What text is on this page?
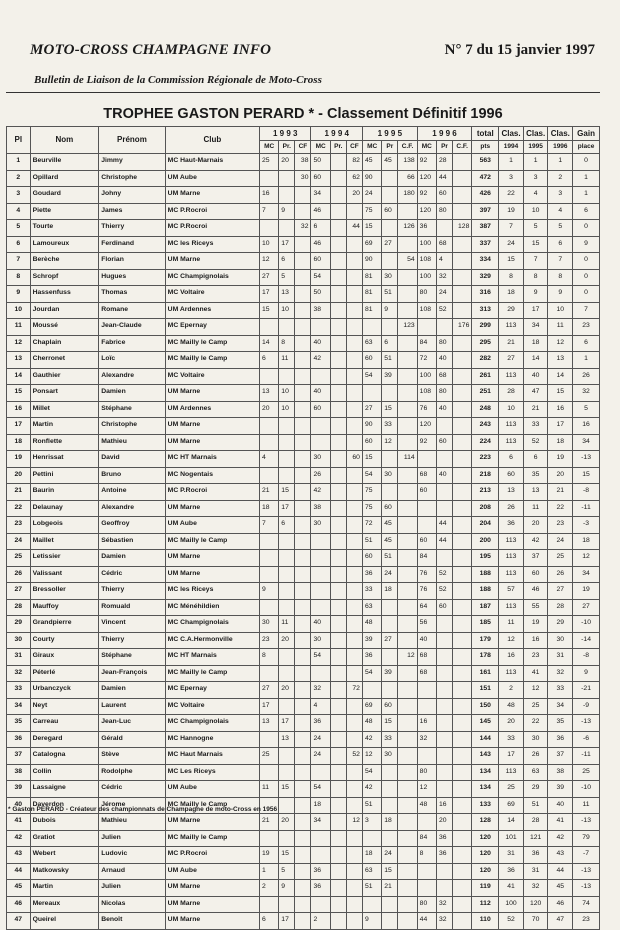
MOTO-CROSS CHAMPAGNE INFO	N° 7 du 15 janvier 1997
Bulletin de Liaison de la Commission Régionale de Moto-Cross
TROPHEE GASTON PERARD * - Classement Définitif 1996
Pl	Nom	Prénom	Club	1 9 9 3			1 9 9 4			1 9 9 5			1 9 9 6			total	Clas.	Clas.	Clas.	Gain
				MC	Pr.	CF	MC	Pr.	CF	MC	Pr	C.F.	MC	Pr	C.F.	pts	1994	1995	1996	place
1	Beurville	Jimmy	MC Haut-Marnais	25	20	38	50		82	45	45	138	92	28		563	1	1	1	0
2	Opillard	Christophe	UM Aube			30	60		62	90		66	120	44		472	3	3	2	1
3	Goudard	Johny	UM Marne	16			34		20	24		180	92	60		426	22	4	3	1
4	Piette	James	MC P.Rocroi	7	9		46			75	60		120	80		397	19	10	4	6
5	Tourte	Thierry	MC P.Rocroi			32	6		44	15		126	36		128	387	7	5	5	0
6	Lamoureux	Ferdinand	MC les Riceys	10	17		46			69	27		100	68		337	24	15	6	9
7	Berèche	Florian	UM Marne	12	6		60			90		54	108	4		334	15	7	7	0
8	Schropf	Hugues	MC Champignolais	27	5		54			81	30		100	32		329	8	8	8	0
9	Hassenfuss	Thomas	MC Voltaire	17	13		50			81	51		80	24		316	18	9	9	0
10	Jourdan	Romane	UM Ardennes	15	10		38			81	9		108	52		313	29	17	10	7
11	Moussé	Jean-Claude	MC Epernay									123			176	299	113	34	11	23
12	Chaplain	Fabrice	MC Mailly le Camp	14	8		40			63	6		84	80		295	21	18	12	6
13	Cherronet	Loïc	MC Mailly le Camp	6	11		42			60	51		72	40		282	27	14	13	1
14	Gauthier	Alexandre	MC Voltaire							54	39		100	68		261	113	40	14	26
15	Ponsart	Damien	UM Marne	13	10		40						108	80		251	28	47	15	32
16	Millet	Stéphane	UM Ardennes	20	10		60			27	15		76	40		248	10	21	16	5
17	Martin	Christophe	UM Marne							90	33		120			243	113	33	17	16
18	Ronflette	Mathieu	UM Marne							60	12		92	60		224	113	52	18	34
19	Henrissat	David	MC HT Marnais	4			30		60	15		114				223	6	6	19	-13
20	Pettini	Bruno	MC Nogentais				26			54	30		68	40		218	60	35	20	15
21	Baurin	Antoine	MC P.Rocroi	21	15		42			75			60			213	13	13	21	-8
22	Delaunay	Alexandre	UM Marne	18	17		38			75	60					208	26	11	22	-11
23	Lobgeois	Geoffroy	UM Aube	7	6		30			72	45			44		204	36	20	23	-3
24	Maillet	Sébastien	MC Mailly le Camp							51	45		60	44		200	113	42	24	18
25	Letissier	Damien	UM Marne							60	51		84			195	113	37	25	12
26	Valissant	Cédric	UM Marne							36	24		76	52		188	113	60	26	34
27	Bressoller	Thierry	MC les Riceys	9						33	18		76	52		188	57	46	27	19
28	Mauffoy	Romuald	MC Ménéhildien							63			64	60		187	113	55	28	27
29	Grandpierre	Vincent	MC Champignolais	30	11		40			48			56			185	11	19	29	-10
30	Courty	Thierry	MC C.A.Hermonville	23	20		30			39	27		40			179	12	16	30	-14
31	Giraux	Stéphane	MC HT Marnais	8			54			36		12	68			178	16	23	31	-8
32	Péterlé	Jean-François	MC Mailly le Camp							54	39		68			161	113	41	32	9
33	Urbanczyck	Damien	MC Epernay	27	20		32		72							151	2	12	33	-21
34	Neyt	Laurent	MC Voltaire	17			4			69	60					150	48	25	34	-9
35	Carreau	Jean-Luc	MC Champignolais	13	17		36			48	15		16			145	20	22	35	-13
36	Deregard	Gérald	MC Hannogne		13		24			42	33		32			144	33	30	36	-6
37	Catalogna	Stève	MC Haut Marnais	25			24		52	12	30					143	17	26	37	-11
38	Collin	Rodolphe	MC Les Riceys							54			80			134	113	63	38	25
39	Lassaigne	Cédric	UM Aube	11	15		54			42			12			134	25	29	39	-10
40	Daverdon	Jérome	MC Mailly le Camp				18			51			48	16		133	69	51	40	11
41	Dubois	Mathieu	UM Marne	21	20		34		12	3	18			20		128	14	28	41	-13
42	Gratiot	Julien	MC Mailly le Camp										84	36		120	101	121	42	79
43	Webert	Ludovic	MC P.Rocroi	19	15					18	24		8	36		120	31	36	43	-7
44	Matkowsky	Arnaud	UM Aube	1	5		36			63	15					120	36	31	44	-13
45	Martin	Julien	UM Marne	2	9		36			51	21					119	41	32	45	-13
46	Mereaux	Nicolas	UM Marne										80	32		112	100	120	46	74
47	Queirel	Benoît	UM Marne	6	17		2			9			44	32		110	52	70	47	23
* Gaston PERARD - Créateur des championnats de Champagne de moto-Cross en 1956
